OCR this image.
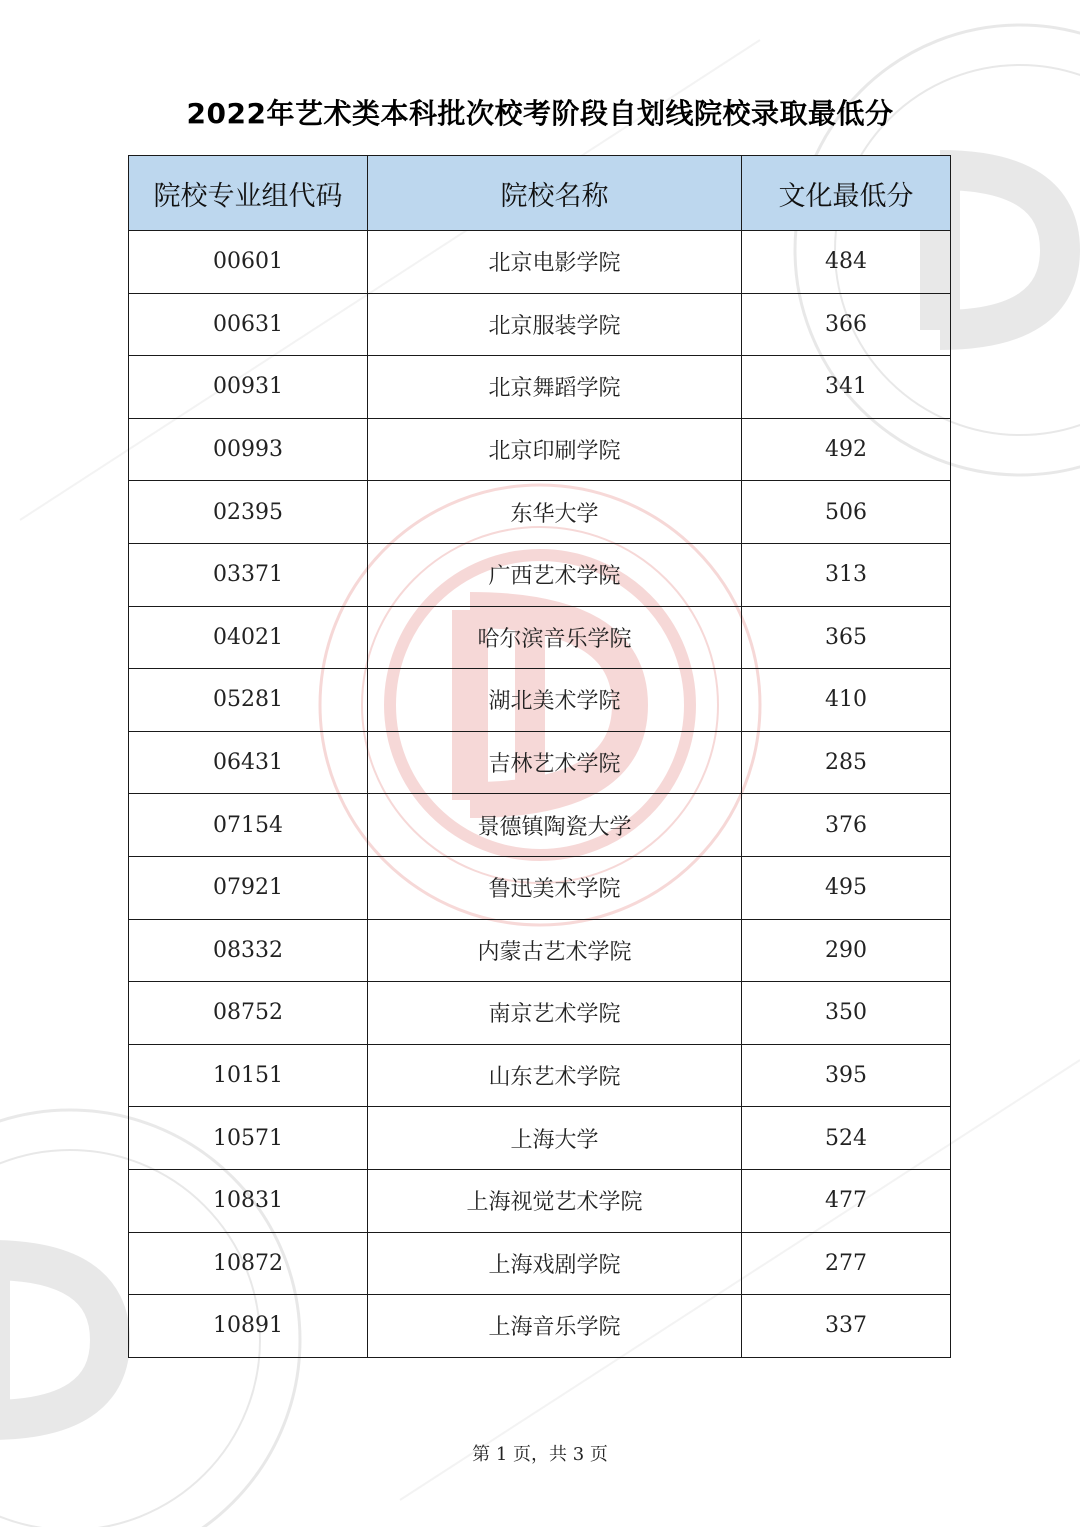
2022年艺术类本科批次校考阶段自划线院校录取最低分
院校专业组代码	院校名称	文化最低分
00601	北京电影学院	484
00631	北京服装学院	366
00931	北京舞蹈学院	341
00993	北京印刷学院	492
02395	东华大学	506
03371	广西艺术学院	313
04021	哈尔滨音乐学院	365
05281	湖北美术学院	410
06431	吉林艺术学院	285
07154	景德镇陶瓷大学	376
07921	鲁迅美术学院	495
08332	内蒙古艺术学院	290
08752	南京艺术学院	350
10151	山东艺术学院	395
10571	上海大学	524
10831	上海视觉艺术学院	477
10872	上海戏剧学院	277
10891	上海音乐学院	337
第 1 页，共 3 页
